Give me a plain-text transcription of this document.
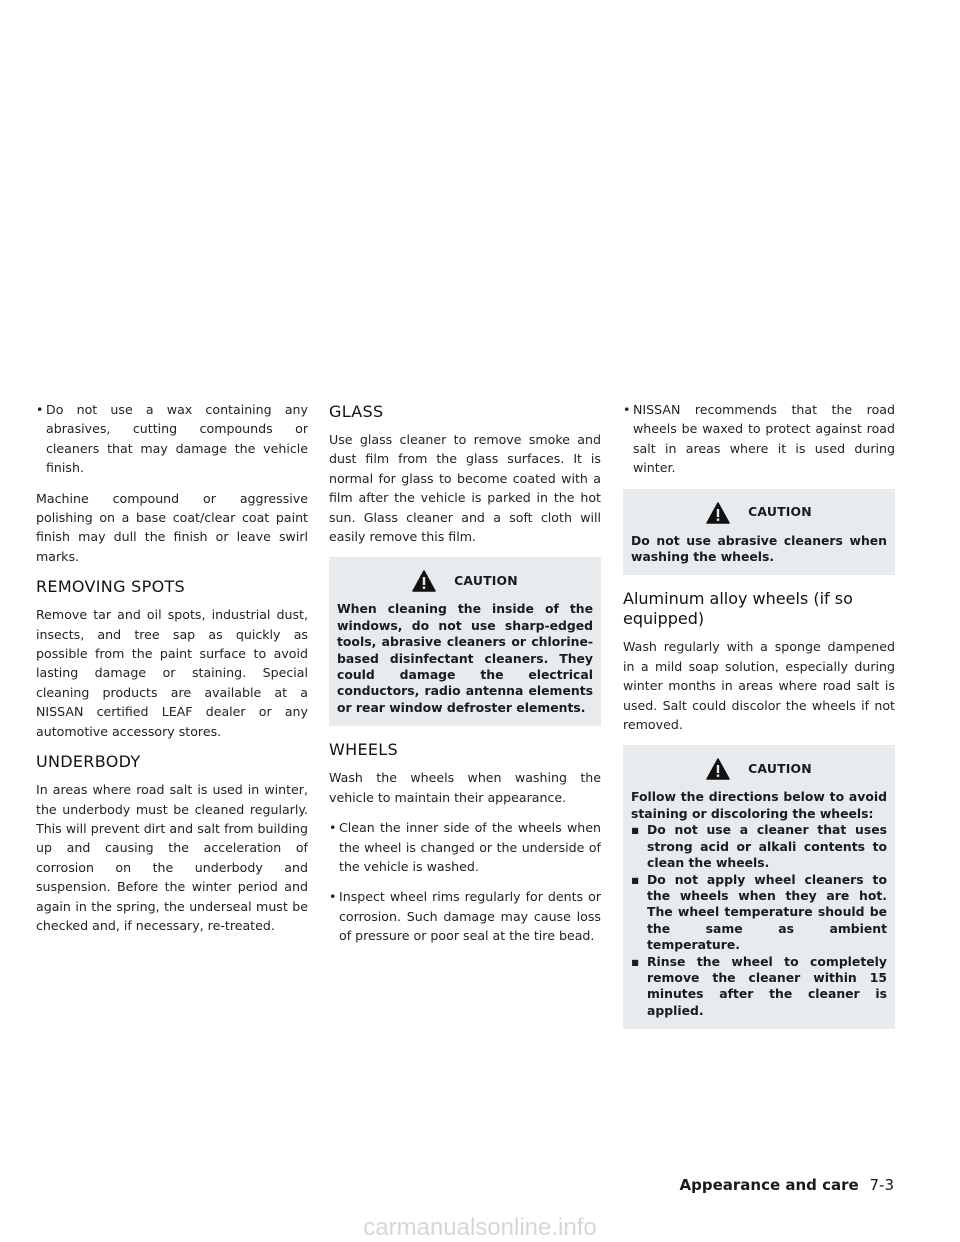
• Do not use a wax containing any abrasives, cutting compounds or cleaners that may damage the vehicle finish.

Machine compound or aggressive polishing on a base coat/clear coat paint finish may dull the finish or leave swirl marks.

REMOVING SPOTS

Remove tar and oil spots, industrial dust, insects, and tree sap as quickly as possible from the paint surface to avoid lasting damage or staining. Special cleaning products are available at a NISSAN certified LEAF dealer or any automotive accessory stores.

UNDERBODY

In areas where road salt is used in winter, the underbody must be cleaned regularly. This will prevent dirt and salt from building up and causing the acceleration of corrosion on the underbody and suspension. Before the winter period and again in the spring, the underseal must be checked and, if necessary, re-treated.

GLASS

Use glass cleaner to remove smoke and dust film from the glass surfaces. It is normal for glass to become coated with a film after the vehicle is parked in the hot sun. Glass cleaner and a soft cloth will easily remove this film.

CAUTION
When cleaning the inside of the windows, do not use sharp-edged tools, abrasive cleaners or chlorine-based disinfectant cleaners. They could damage the electrical conductors, radio antenna elements or rear window defroster elements.
WHEELS

Wash the wheels when washing the vehicle to maintain their appearance.

• Clean the inner side of the wheels when the wheel is changed or the underside of the vehicle is washed.

• Inspect wheel rims regularly for dents or corrosion. Such damage may cause loss of pressure or poor seal at the tire bead.

• NISSAN recommends that the road wheels be waxed to protect against road salt in areas where it is used during winter.

CAUTION
Do not use abrasive cleaners when washing the wheels.
Aluminum alloy wheels (if so equipped)

Wash regularly with a sponge dampened in a mild soap solution, especially during winter months in areas where road salt is used. Salt could discolor the wheels if not removed.

CAUTION
Follow the directions below to avoid staining or discoloring the wheels:
▪ Do not use a cleaner that uses strong acid or alkali contents to clean the wheels.
▪ Do not apply wheel cleaners to the wheels when they are hot. The wheel temperature should be the same as ambient temperature.
▪ Rinse the wheel to completely remove the cleaner within 15 minutes after the cleaner is applied.
Appearance and care 7-3
carmanualsonline.info
